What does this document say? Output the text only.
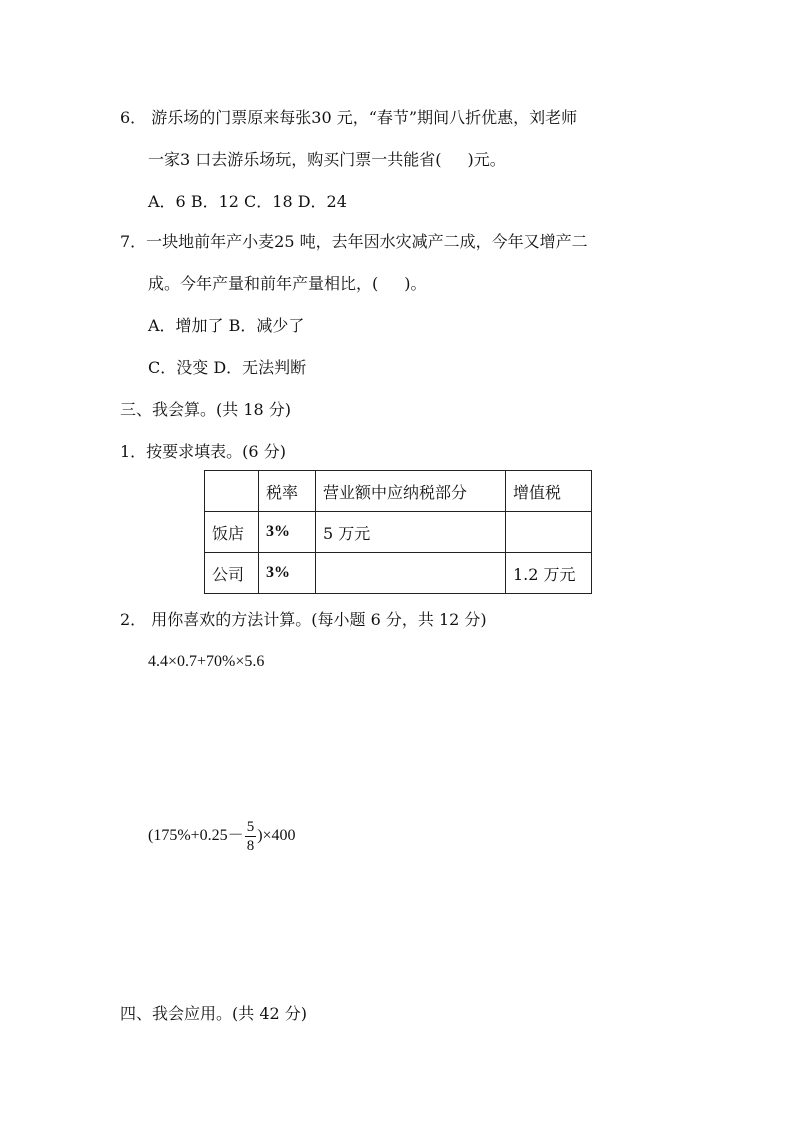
6． 游乐场的门票原来每张30 元，“春节”期间八折优惠，刘老师
一家3 口去游乐场玩，购买门票一共能省( )元。
A．6 B．12 C．18 D．24
7．一块地前年产小麦25 吨，去年因水灾减产二成，今年又增产二
成。今年产量和前年产量相比，( )。
A．增加了 B．减少了
C．没变 D．无法判断
三、我会算。(共 18 分)
1．按要求填表。(6 分)
	税率	营业额中应纳税部分	增值税
饭店	3%	5 万元	
公司	3%		1.2 万元
2． 用你喜欢的方法计算。(每小题 6 分，共 12 分)
4.4×0.7+70%×5.6
$(175\%+0.25- \frac{5}{8} )\times 400$
四、我会应用。(共 42 分)
